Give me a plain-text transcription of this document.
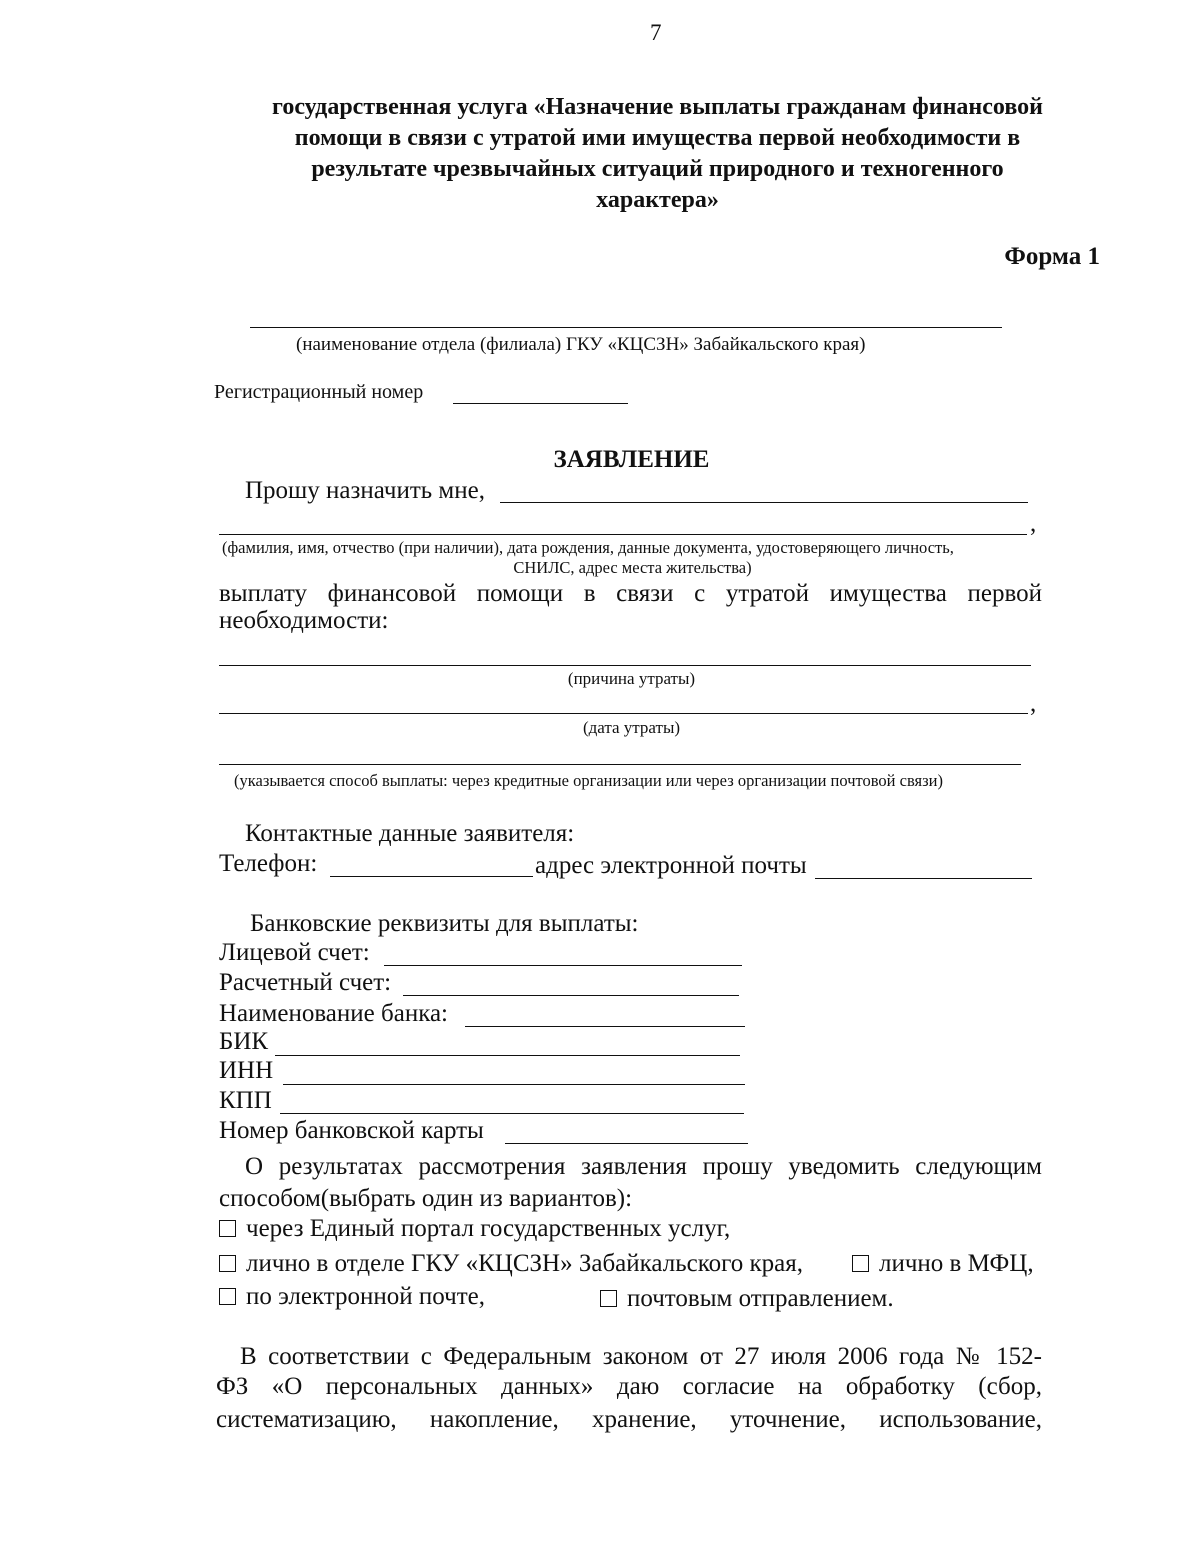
7
государственная услуга «Назначение выплаты гражданам финансовой
помощи в связи с утратой ими имущества первой необходимости в
результате чрезвычайных ситуаций природного и техногенного
характера»
Форма 1
(наименование отдела (филиала) ГКУ «КЦСЗН» Забайкальского края)
Регистрационный номер
ЗАЯВЛЕНИЕ
Прошу назначить мне,
,
(фамилия, имя, отчество (при наличии), дата рождения, данные документа, удостоверяющего личность,
СНИЛС, адрес места жительства)
выплату финансовой помощи в связи с утратой имущества первой
необходимости:
(причина утраты)
,
(дата утраты)
(указывается способ выплаты: через кредитные организации или через организации почтовой связи)
Контактные данные заявителя:
Телефон:	адрес электронной почты
Банковские реквизиты для выплаты:
Лицевой счет:
Расчетный счет:
Наименование банка:
БИК
ИНН
КПП
Номер банковской карты
О результатах рассмотрения заявления прошу уведомить следующим
способом(выбрать один из вариантов):
через Единый портал государственных услуг,
лично в отделе ГКУ «КЦСЗН» Забайкальского края,	лично в МФЦ,
по электронной почте,	почтовым отправлением.
В соответствии с Федеральным законом от 27 июля 2006 года № 152-
ФЗ «О персональных данных» даю согласие на обработку (сбор,
систематизацию, накопление, хранение, уточнение, использование,
